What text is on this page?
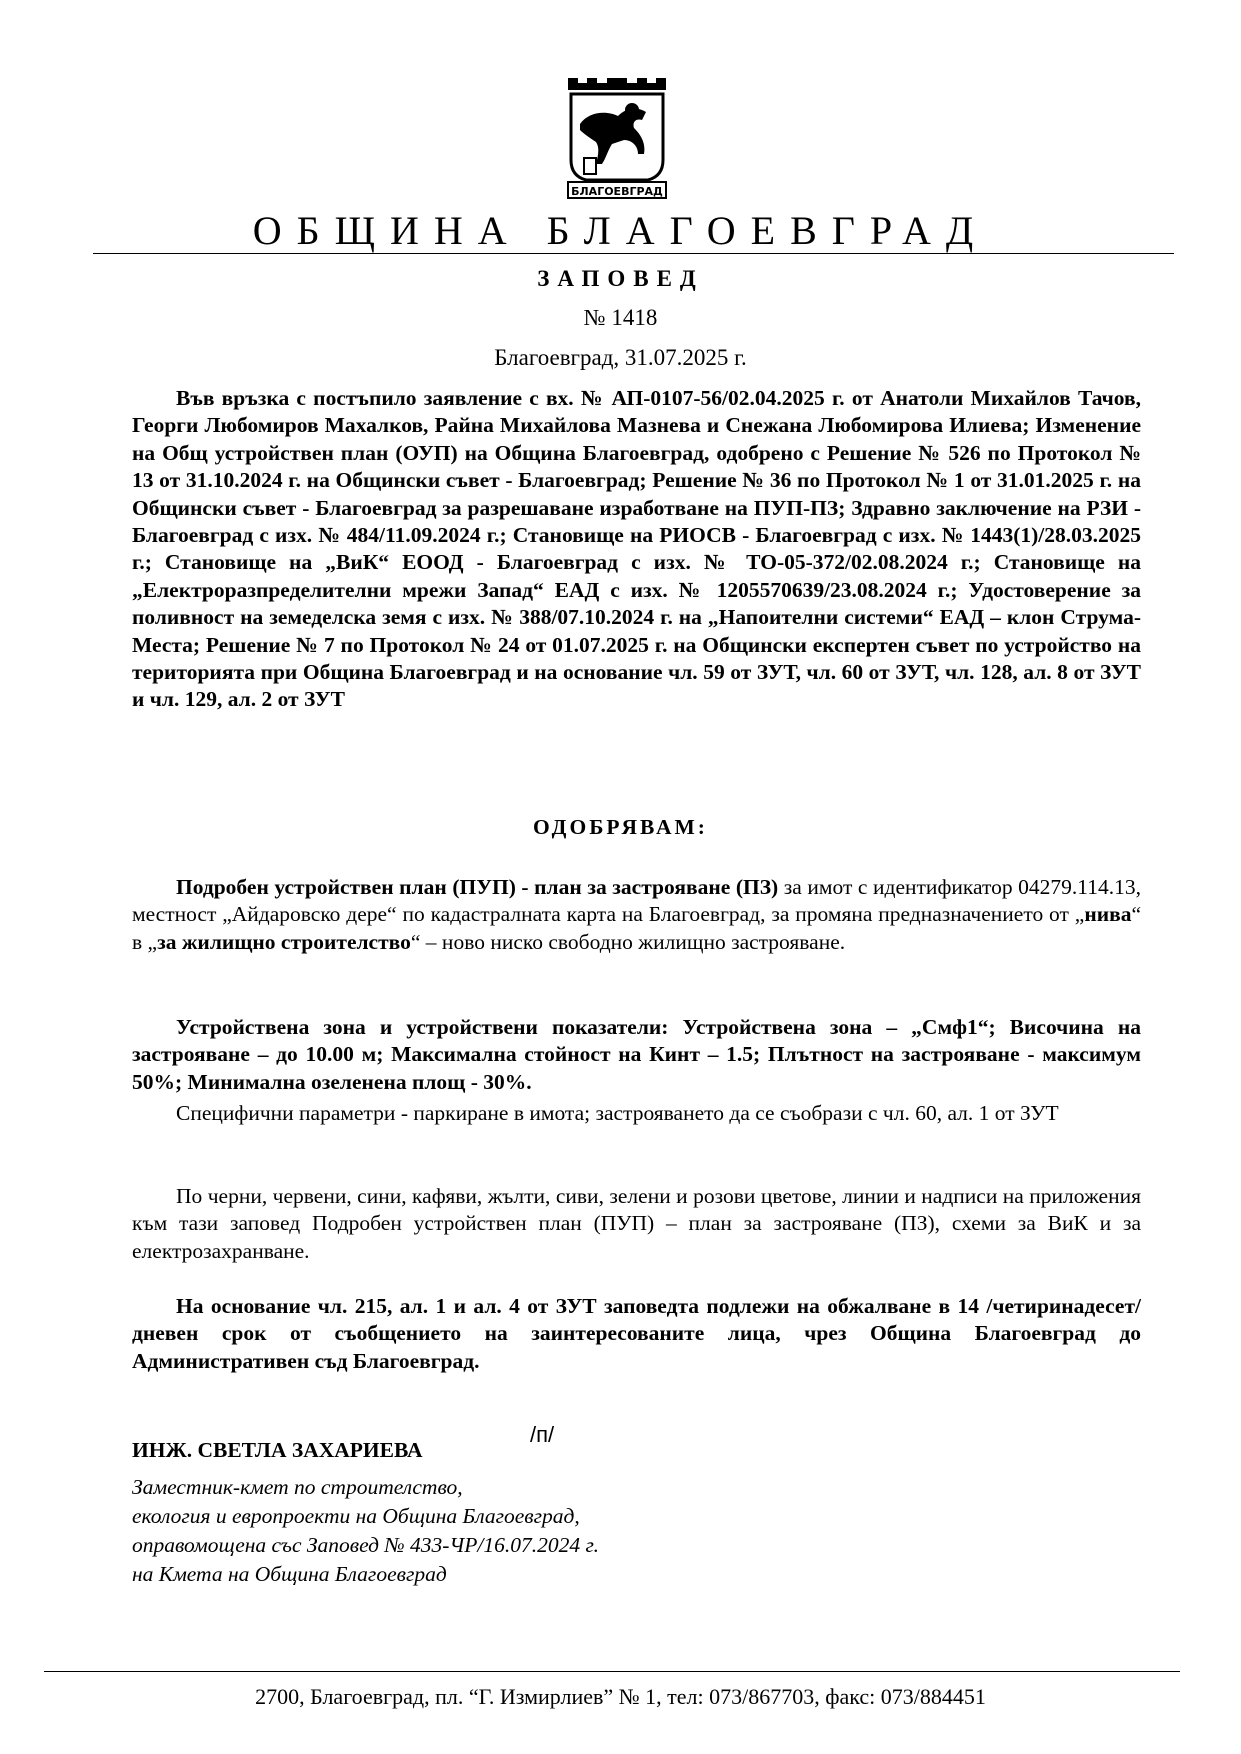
БЛАГОЕВГРАД
ОБЩИНА БЛАГОЕВГРАД
ЗАПОВЕД
№ 1418
Благоевград, 31.07.2025 г.
Във връзка с постъпило заявление с вх. № АП-0107-56/02.04.2025 г. от Анатоли Михайлов Тачов, Георги Любомиров Махалков, Райна Михайлова Мазнева и Снежана Любомирова Илиева; Изменение на Общ устройствен план (ОУП) на Община Благоевград, одобрено с Решение № 526 по Протокол № 13 от 31.10.2024 г. на Общински съвет - Благоевград; Решение № 36 по Протокол № 1 от 31.01.2025 г. на Общински съвет - Благоевград за разрешаване изработване на ПУП-ПЗ; Здравно заключение на РЗИ - Благоевград с изх. № 484/11.09.2024 г.; Становище на РИОСВ - Благоевград с изх. № 1443(1)/28.03.2025 г.; Становище на „ВиК“ ЕООД - Благоевград с изх. № ТО-05-372/02.08.2024 г.; Становище на „Електроразпределителни мрежи Запад“ ЕАД с изх. № 1205570639/23.08.2024 г.; Удостоверение за поливност на земеделска земя с изх. № 388/07.10.2024 г. на „Напоителни системи“ ЕАД – клон Струма-Места; Решение № 7 по Протокол № 24 от 01.07.2025 г. на Общински експертен съвет по устройство на територията при Община Благоевград и на основание чл. 59 от ЗУТ, чл. 60 от ЗУТ, чл. 128, ал. 8 от ЗУТ и чл. 129, ал. 2 от ЗУТ
ОДОБРЯВАМ:
Подробен устройствен план (ПУП) - план за застрояване (ПЗ) за имот с идентификатор 04279.114.13, местност „Айдаровско дере“ по кадастралната карта на Благоевград, за промяна предназначението от „нива“ в „за жилищно строителство“ – ново ниско свободно жилищно застрояване.
Устройствена зона и устройствени показатели: Устройствена зона – „Смф1“; Височина на застрояване – до 10.00 м; Максимална стойност на Кинт – 1.5; Плътност на застрояване - максимум 50%; Минимална озеленена площ - 30%.
Специфични параметри - паркиране в имота; застрояването да се съобрази с чл. 60, ал. 1 от ЗУТ
По черни, червени, сини, кафяви, жълти, сиви, зелени и розови цветове, линии и надписи на приложения към тази заповед Подробен устройствен план (ПУП) – план за застрояване (ПЗ), схеми за ВиК и за електрозахранване.
На основание чл. 215, ал. 1 и ал. 4 от ЗУТ заповедта подлежи на обжалване в 14 /четиринадесет/ дневен срок от съобщението на заинтересованите лица, чрез Община Благоевград до Административен съд Благоевград.
ИНЖ. СВЕТЛА ЗАХАРИЕВА
/п/
Заместник-кмет по строителство,
екология и европроекти на Община Благоевград,
оправомощена със Заповед № 433-ЧР/16.07.2024 г.
на Кмета на Община Благоевград
2700, Благоевград, пл. “Г. Измирлиев” № 1, тел: 073/867703, факс: 073/884451
